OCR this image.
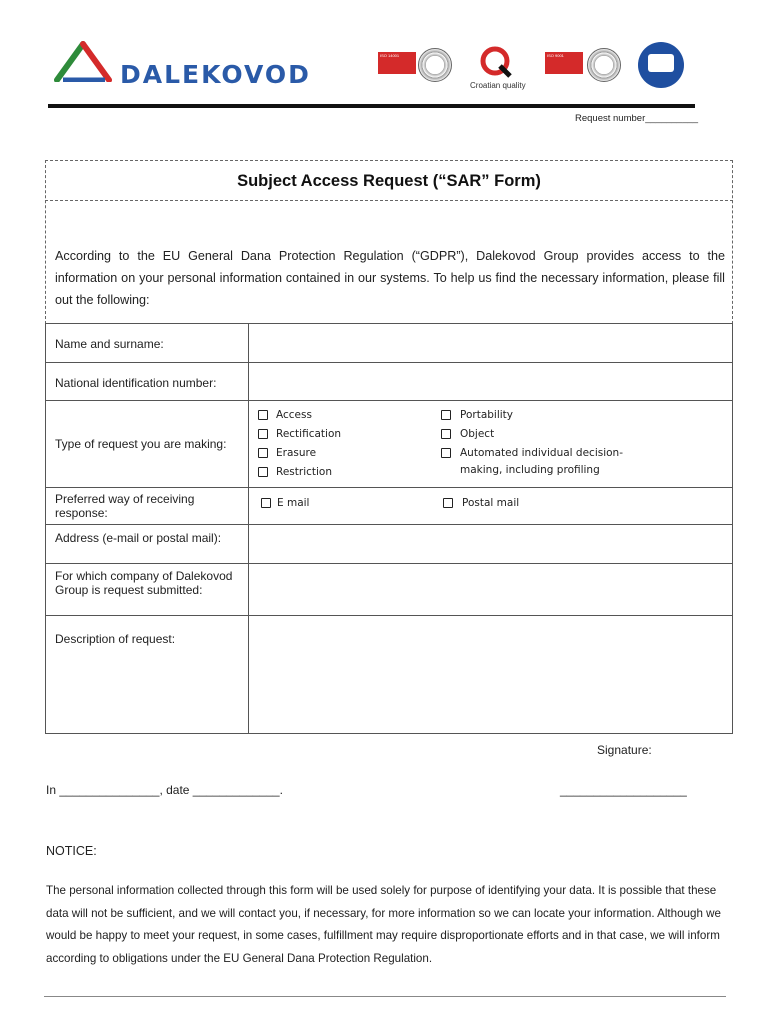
DALEKOVOD
ISO 14001
Croatian quality
ISO 9001
Request number__________
Subject Access Request (“SAR” Form)
According to the EU General Dana Protection Regulation (“GDPR”), Dalekovod Group provides access to the information on your personal information contained in our systems. To help us find the necessary information, please fill out the following:
Name and surname:
National identification number:
Type of request you are making:
Preferred way of receiving response:
Address (e-mail or postal mail):
For which company of Dalekovod Group is request submitted:
Description of request:
Access
Rectification
Erasure
Restriction
Portability
Object
Automated individual decision-
making, including profiling
E mail	Postal mail
Signature:
In _______________, date _____________.	___________________
NOTICE:
The personal information collected through this form will be used solely for purpose of identifying your data. It is possible that these data will not be sufficient, and we will contact you, if necessary, for more information so we can locate your information. Although we would be happy to meet your request, in some cases, fulfillment may require disproportionate efforts and in that case, we will inform according to obligations under the EU General Dana Protection Regulation.
